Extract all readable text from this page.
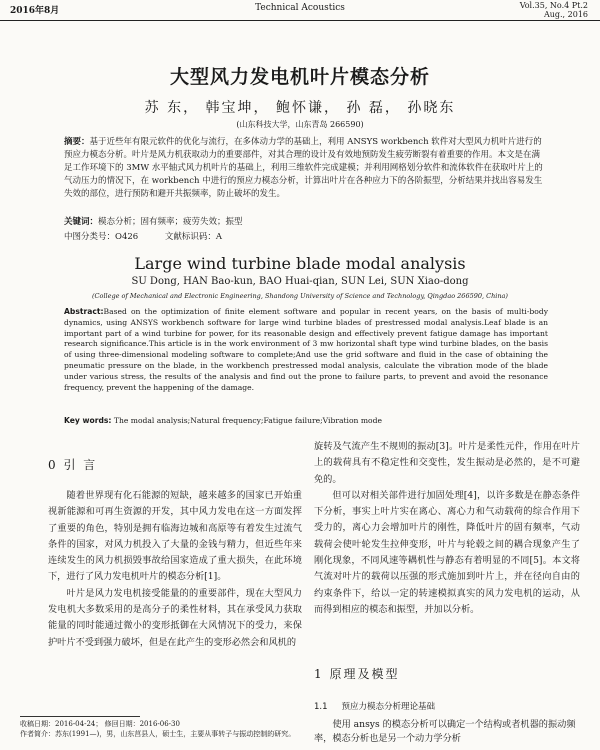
2016年8月	Technical Acoustics	Vol.35, No.4 Pt.2
Aug., 2016
大型风力发电机叶片模态分析
苏 东， 韩宝坤， 鲍怀谦， 孙 磊， 孙晓东
(山东科技大学，山东青岛 266590)
摘要：基于近些年有限元软件的优化与流行，在多体动力学的基础上，利用 ANSYS workbench 软件对大型风力机叶片进行的预应力模态分析。叶片是风力机获取动力的重要部件，对其合理的设计及有效地预防发生疲劳断裂有着重要的作用。本文是在满足工作环境下的 3MW 水平轴式风力机叶片的基础上，利用三维软件完成建模；并利用网格划分软件和流体软件在获取叶片上的气动压力的情况下，在 workbench 中进行的预应力模态分析，计算出叶片在各种应力下的各阶振型，分析结果并找出容易发生失效的部位，进行预防和避开共振频率，防止破坏的发生。
关键词：模态分析；固有频率；疲劳失效；振型
中图分类号：O426	文献标识码：A
Large wind turbine blade modal analysis
SU Dong, HAN Bao-kun, BAO Huai-qian, SUN Lei, SUN Xiao-dong
(College of Mechanical and Electronic Engineering, Shandong University of Science and Technology, Qingdao 266590, China)
Abstract:Based on the optimization of finite element software and popular in recent years, on the basis of multi-body dynamics, using ANSYS workbench software for large wind turbine blades of prestressed modal analysis.Leaf blade is an important part of a wind turbine for power, for its reasonable design and effectively prevent fatigue damage has important research significance.This article is in the work environment of 3 mw horizontal shaft type wind turbine blades, on the basis of using three-dimensional modeling software to complete;And use the grid software and fluid in the case of obtaining the pneumatic pressure on the blade, in the workbench prestressed modal analysis, calculate the vibration mode of the blade under various stress, the results of the analysis and find out the prone to failure parts, to prevent and avoid the resonance frequency, prevent the happening of the damage.
Key words: The modal analysis;Natural frequency;Fatigue failure;Vibration mode
0 引 言

随着世界现有化石能源的短缺，越来越多的国家已开始重视新能源和可再生资源的开发，其中风力发电在这一方面发挥了重要的角色，特别是拥有临海边城和高原等有着发生过流气条件的国家，对风力机投入了大量的金钱与精力，但近些年来连续发生的风力机损毁事故给国家造成了重大损失，在此环境下，进行了风力发电机叶片的模态分析[1]。

叶片是风力发电机接受能量的的重要部件，现在大型风力发电机大多数采用的是高分子的柔性材料，其在承受风力获取能量的同时能通过微小的变形抵御在大风情况下的受力，来保护叶片不受到强力破坏，但是在此产生的变形必然会和风机的

旋转及气流产生不规则的振动[3]。叶片是柔性元件，作用在叶片上的载荷具有不稳定性和交变性，发生振动是必然的，是不可避免的。

但可以对相关部件进行加固处理[4]，以许多数是在静态条件下分析，事实上叶片实在离心、离心力和气动载荷的综合作用下受力的，离心力会增加叶片的刚性，降低叶片的固有频率，气动载荷会使叶轮发生拉伸变形，叶片与轮毂之间的耦合现象产生了刚化现象，不同风速等耦机性与静态有着明显的不同[5]。本文将气流对叶片的载荷以压强的形式施加到叶片上，并在径向自由的约束条件下，给以一定的转速模拟真实的风力发电机的运动，从而得到相应的模态和振型，并加以分析。

1 原理及模型
1.1 预应力模态分析理论基础
使用 ansys 的模态分析可以确定一个结构或者机器的振动频率，模态分析也是另一个动力学分析
收稿日期：2016-04-24； 修回日期：2016-06-30
作者简介：苏东(1991—)，男，山东莒县人，硕士生，主要从事转子与振动控制的研究。
